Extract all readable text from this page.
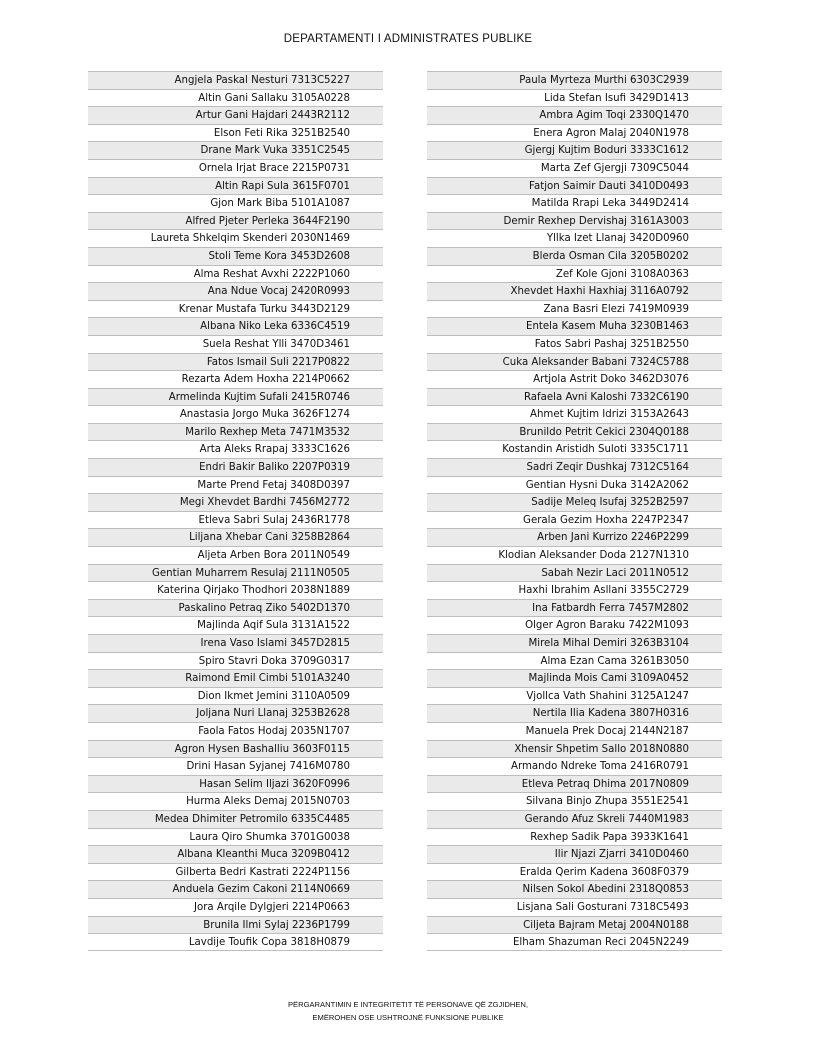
DEPARTAMENTI I ADMINISTRATES PUBLIKE
Angjela Paskal Nesturi 7313C5227
Altin Gani Sallaku 3105A0228
Artur Gani Hajdari 2443R2112
Elson Feti Rika 3251B2540
Drane Mark Vuka 3351C2545
Ornela Irjat Brace 2215P0731
Altin Rapi Sula 3615F0701
Gjon Mark Biba 5101A1087
Alfred Pjeter Perleka 3644F2190
Laureta Shkelqim Skenderi 2030N1469
Stoli Teme Kora 3453D2608
Alma Reshat Avxhi 2222P1060
Ana Ndue Vocaj 2420R0993
Krenar Mustafa Turku 3443D2129
Albana Niko Leka 6336C4519
Suela Reshat Ylli 3470D3461
Fatos Ismail Suli 2217P0822
Rezarta Adem Hoxha 2214P0662
Armelinda Kujtim Sufali 2415R0746
Anastasia Jorgo Muka 3626F1274
Marilo Rexhep Meta 7471M3532
Arta Aleks Rrapaj 3333C1626
Endri Bakir Baliko 2207P0319
Marte Prend Fetaj 3408D0397
Megi Xhevdet Bardhi 7456M2772
Etleva Sabri Sulaj 2436R1778
Liljana Xhebar Cani 3258B2864
Aljeta Arben Bora 2011N0549
Gentian Muharrem Resulaj 2111N0505
Katerina Qirjako Thodhori 2038N1889
Paskalino Petraq Ziko 5402D1370
Majlinda Aqif Sula 3131A1522
Irena Vaso Islami 3457D2815
Spiro Stavri Doka 3709G0317
Raimond Emil Cimbi 5101A3240
Dion Ikmet Jemini 3110A0509
Joljana Nuri Llanaj 3253B2628
Faola Fatos Hodaj 2035N1707
Agron Hysen Bashalliu 3603F0115
Drini Hasan Syjanej 7416M0780
Hasan Selim Iljazi 3620F0996
Hurma Aleks Demaj 2015N0703
Medea Dhimiter Petromilo 6335C4485
Laura Qiro Shumka 3701G0038
Albana Kleanthi Muca 3209B0412
Gilberta Bedri Kastrati 2224P1156
Anduela Gezim Cakoni 2114N0669
Jora Arqile Dylgjeri 2214P0663
Brunila Ilmi Sylaj 2236P1799
Lavdije Toufik Copa 3818H0879
Paula Myrteza Murthi 6303C2939
Lida Stefan Isufi 3429D1413
Ambra Agim Toqi 2330Q1470
Enera Agron Malaj 2040N1978
Gjergj Kujtim Boduri 3333C1612
Marta Zef Gjergji 7309C5044
Fatjon Saimir Dauti 3410D0493
Matilda Rrapi Leka 3449D2414
Demir Rexhep Dervishaj 3161A3003
Yllka Izet Llanaj 3420D0960
Blerda Osman Cila 3205B0202
Zef Kole Gjoni 3108A0363
Xhevdet Haxhi Haxhiaj 3116A0792
Zana Basri Elezi 7419M0939
Entela Kasem Muha 3230B1463
Fatos Sabri Pashaj 3251B2550
Cuka Aleksander Babani 7324C5788
Artjola Astrit Doko 3462D3076
Rafaela Avni Kaloshi 7332C6190
Ahmet Kujtim Idrizi 3153A2643
Brunildo Petrit Cekici 2304Q0188
Kostandin Aristidh Suloti 3335C1711
Sadri Zeqir Dushkaj 7312C5164
Gentian Hysni Duka 3142A2062
Sadije Meleq Isufaj 3252B2597
Gerala Gezim Hoxha 2247P2347
Arben Jani Kurrizo 2246P2299
Klodian Aleksander Doda 2127N1310
Sabah Nezir Laci 2011N0512
Haxhi Ibrahim Asllani 3355C2729
Ina Fatbardh Ferra 7457M2802
Olger Agron Baraku 7422M1093
Mirela Mihal Demiri 3263B3104
Alma Ezan Cama 3261B3050
Majlinda Mois Cami 3109A0452
Vjollca Vath Shahini 3125A1247
Nertila Ilia Kadena 3807H0316
Manuela Prek Docaj 2144N2187
Xhensir Shpetim Sallo 2018N0880
Armando Ndreke Toma 2416R0791
Etleva Petraq Dhima 2017N0809
Silvana Binjo Zhupa 3551E2541
Gerando Afuz Skreli 7440M1983
Rexhep Sadik Papa 3933K1641
Ilir Njazi Zjarri 3410D0460
Eralda Qerim Kadena 3608F0379
Nilsen Sokol Abedini 2318Q0853
Lisjana Sali Gosturani 7318C5493
Ciljeta Bajram Metaj 2004N0188
Elham Shazuman Reci 2045N2249
PËRGARANTIMIN E INTEGRITETIT TË PERSONAVE QË ZGJIDHEN,
EMËROHEN OSE USHTROJNË FUNKSIONE PUBLIKE
